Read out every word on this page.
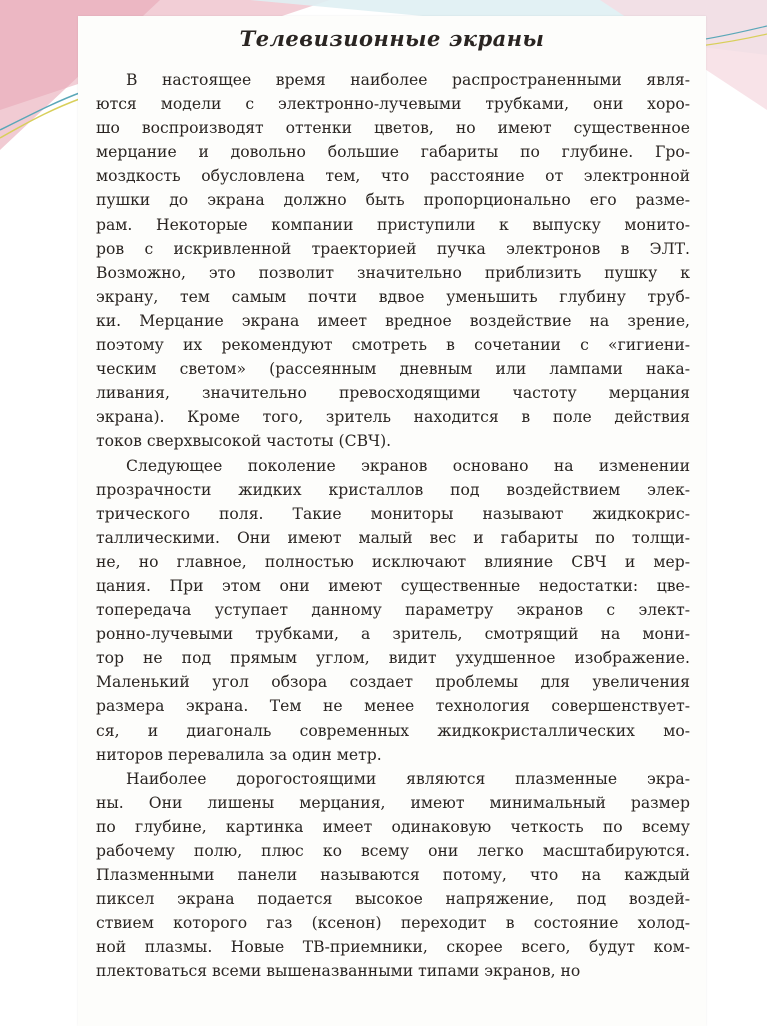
Телевизионные экраны

В настоящее время наиболее распространенными явля-
ются модели с электронно-лучевыми трубками, они хоро-
шо воспроизводят оттенки цветов, но имеют существенное
мерцание и довольно большие габариты по глубине. Гро-
моздкость обусловлена тем, что расстояние от электронной
пушки до экрана должно быть пропорционально его разме-
рам. Некоторые компании приступили к выпуску монито-
ров с искривленной траекторией пучка электронов в ЭЛТ.
Возможно, это позволит значительно приблизить пушку к
экрану, тем самым почти вдвое уменьшить глубину труб-
ки. Мерцание экрана имеет вредное воздействие на зрение,
поэтому их рекомендуют смотреть в сочетании с «гигиени-
ческим светом» (рассеянным дневным или лампами нака-
ливания, значительно превосходящими частоту мерцания
экрана). Кроме того, зритель находится в поле действия
токов сверхвысокой частоты (СВЧ).

Следующее поколение экранов основано на изменении
прозрачности жидких кристаллов под воздействием элек-
трического поля. Такие мониторы называют жидкокрис-
таллическими. Они имеют малый вес и габариты по толщи-
не, но главное, полностью исключают влияние СВЧ и мер-
цания. При этом они имеют существенные недостатки: цве-
топередача уступает данному параметру экранов с элект-
ронно-лучевыми трубками, а зритель, смотрящий на мони-
тор не под прямым углом, видит ухудшенное изображение.
Маленький угол обзора создает проблемы для увеличения
размера экрана. Тем не менее технология совершенствует-
ся, и диагональ современных жидкокристаллических мо-
ниторов перевалила за один метр.

Наиболее дорогостоящими являются плазменные экра-
ны. Они лишены мерцания, имеют минимальный размер
по глубине, картинка имеет одинаковую четкость по всему
рабочему полю, плюс ко всему они легко масштабируются.
Плазменными панели называются потому, что на каждый
пиксел экрана подается высокое напряжение, под воздей-
ствием которого газ (ксенон) переходит в состояние холод-
ной плазмы. Новые ТВ-приемники, скорее всего, будут ком-
плектоваться всеми вышеназванными типами экранов, но
